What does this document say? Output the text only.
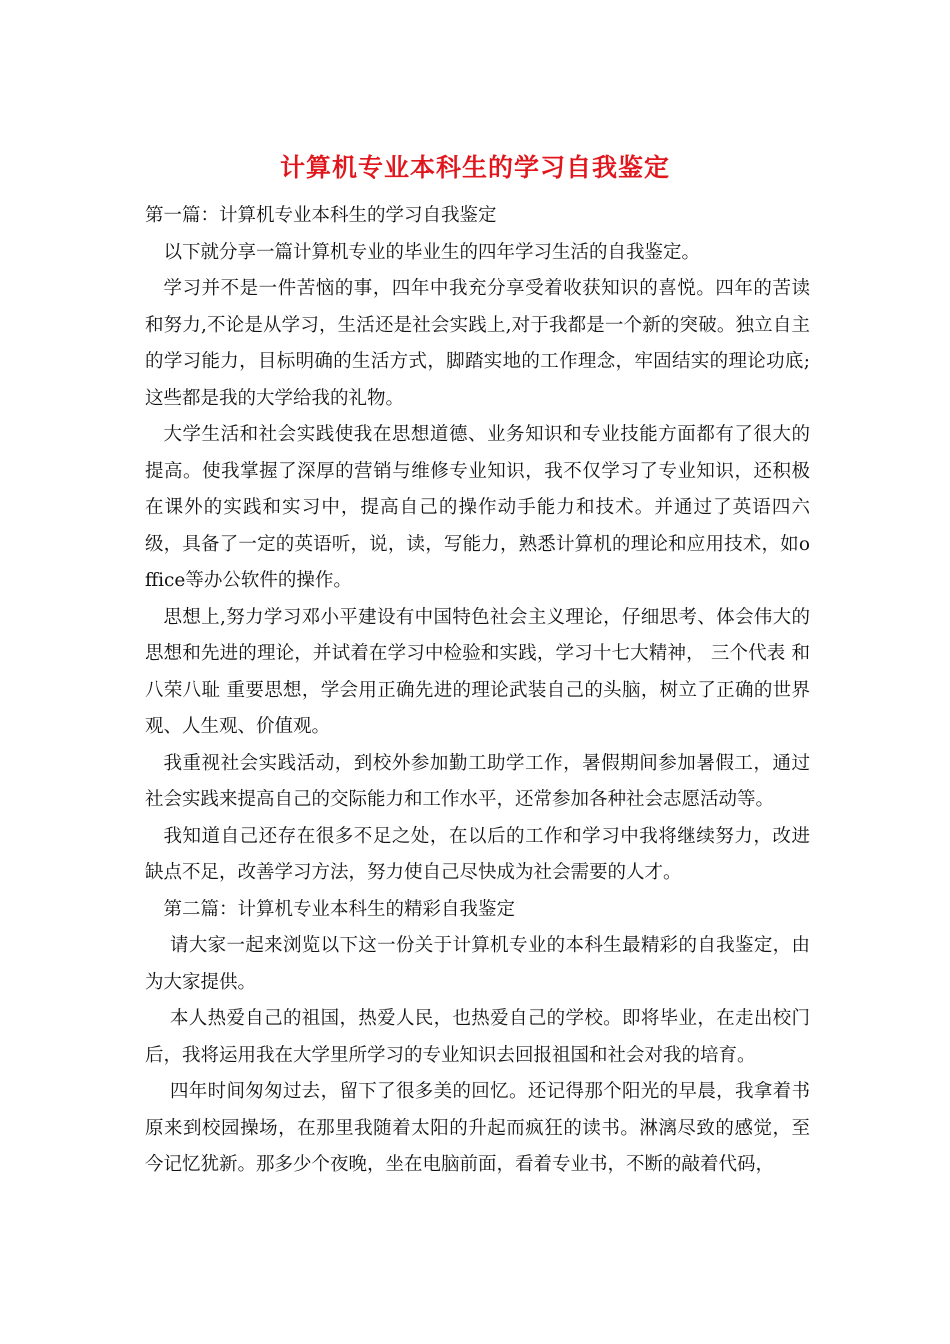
计算机专业本科生的学习自我鉴定

第一篇：计算机专业本科生的学习自我鉴定

以下就分享一篇计算机专业的毕业生的四年学习生活的自我鉴定。

学习并不是一件苦恼的事，四年中我充分享受着收获知识的喜悦。四年的苦读和努力,不论是从学习，生活还是社会实践上,对于我都是一个新的突破。独立自主的学习能力，目标明确的生活方式，脚踏实地的工作理念，牢固结实的理论功底;这些都是我的大学给我的礼物。

大学生活和社会实践使我在思想道德、业务知识和专业技能方面都有了很大的提高。使我掌握了深厚的营销与维修专业知识，我不仅学习了专业知识，还积极在课外的实践和实习中，提高自己的操作动手能力和技术。并通过了英语四六级，具备了一定的英语听，说，读，写能力，熟悉计算机的理论和应用技术，如office等办公软件的操作。

思想上,努力学习邓小平建设有中国特色社会主义理论，仔细思考、体会伟大的思想和先进的理论，并试着在学习中检验和实践，学习十七大精神， 三个代表 和 八荣八耻 重要思想，学会用正确先进的理论武装自己的头脑，树立了正确的世界观、人生观、价值观。

我重视社会实践活动，到校外参加勤工助学工作，暑假期间参加暑假工，通过社会实践来提高自己的交际能力和工作水平，还常参加各种社会志愿活动等。

我知道自己还存在很多不足之处，在以后的工作和学习中我将继续努力，改进缺点不足，改善学习方法，努力使自己尽快成为社会需要的人才。

第二篇：计算机专业本科生的精彩自我鉴定

请大家一起来浏览以下这一份关于计算机专业的本科生最精彩的自我鉴定，由为大家提供。

本人热爱自己的祖国，热爱人民，也热爱自己的学校。即将毕业，在走出校门后，我将运用我在大学里所学习的专业知识去回报祖国和社会对我的培育。

四年时间匆匆过去，留下了很多美的回忆。还记得那个阳光的早晨，我拿着书原来到校园操场，在那里我随着太阳的升起而疯狂的读书。淋漓尽致的感觉，至今记忆犹新。那多少个夜晚，坐在电脑前面，看着专业书，不断的敲着代码，
